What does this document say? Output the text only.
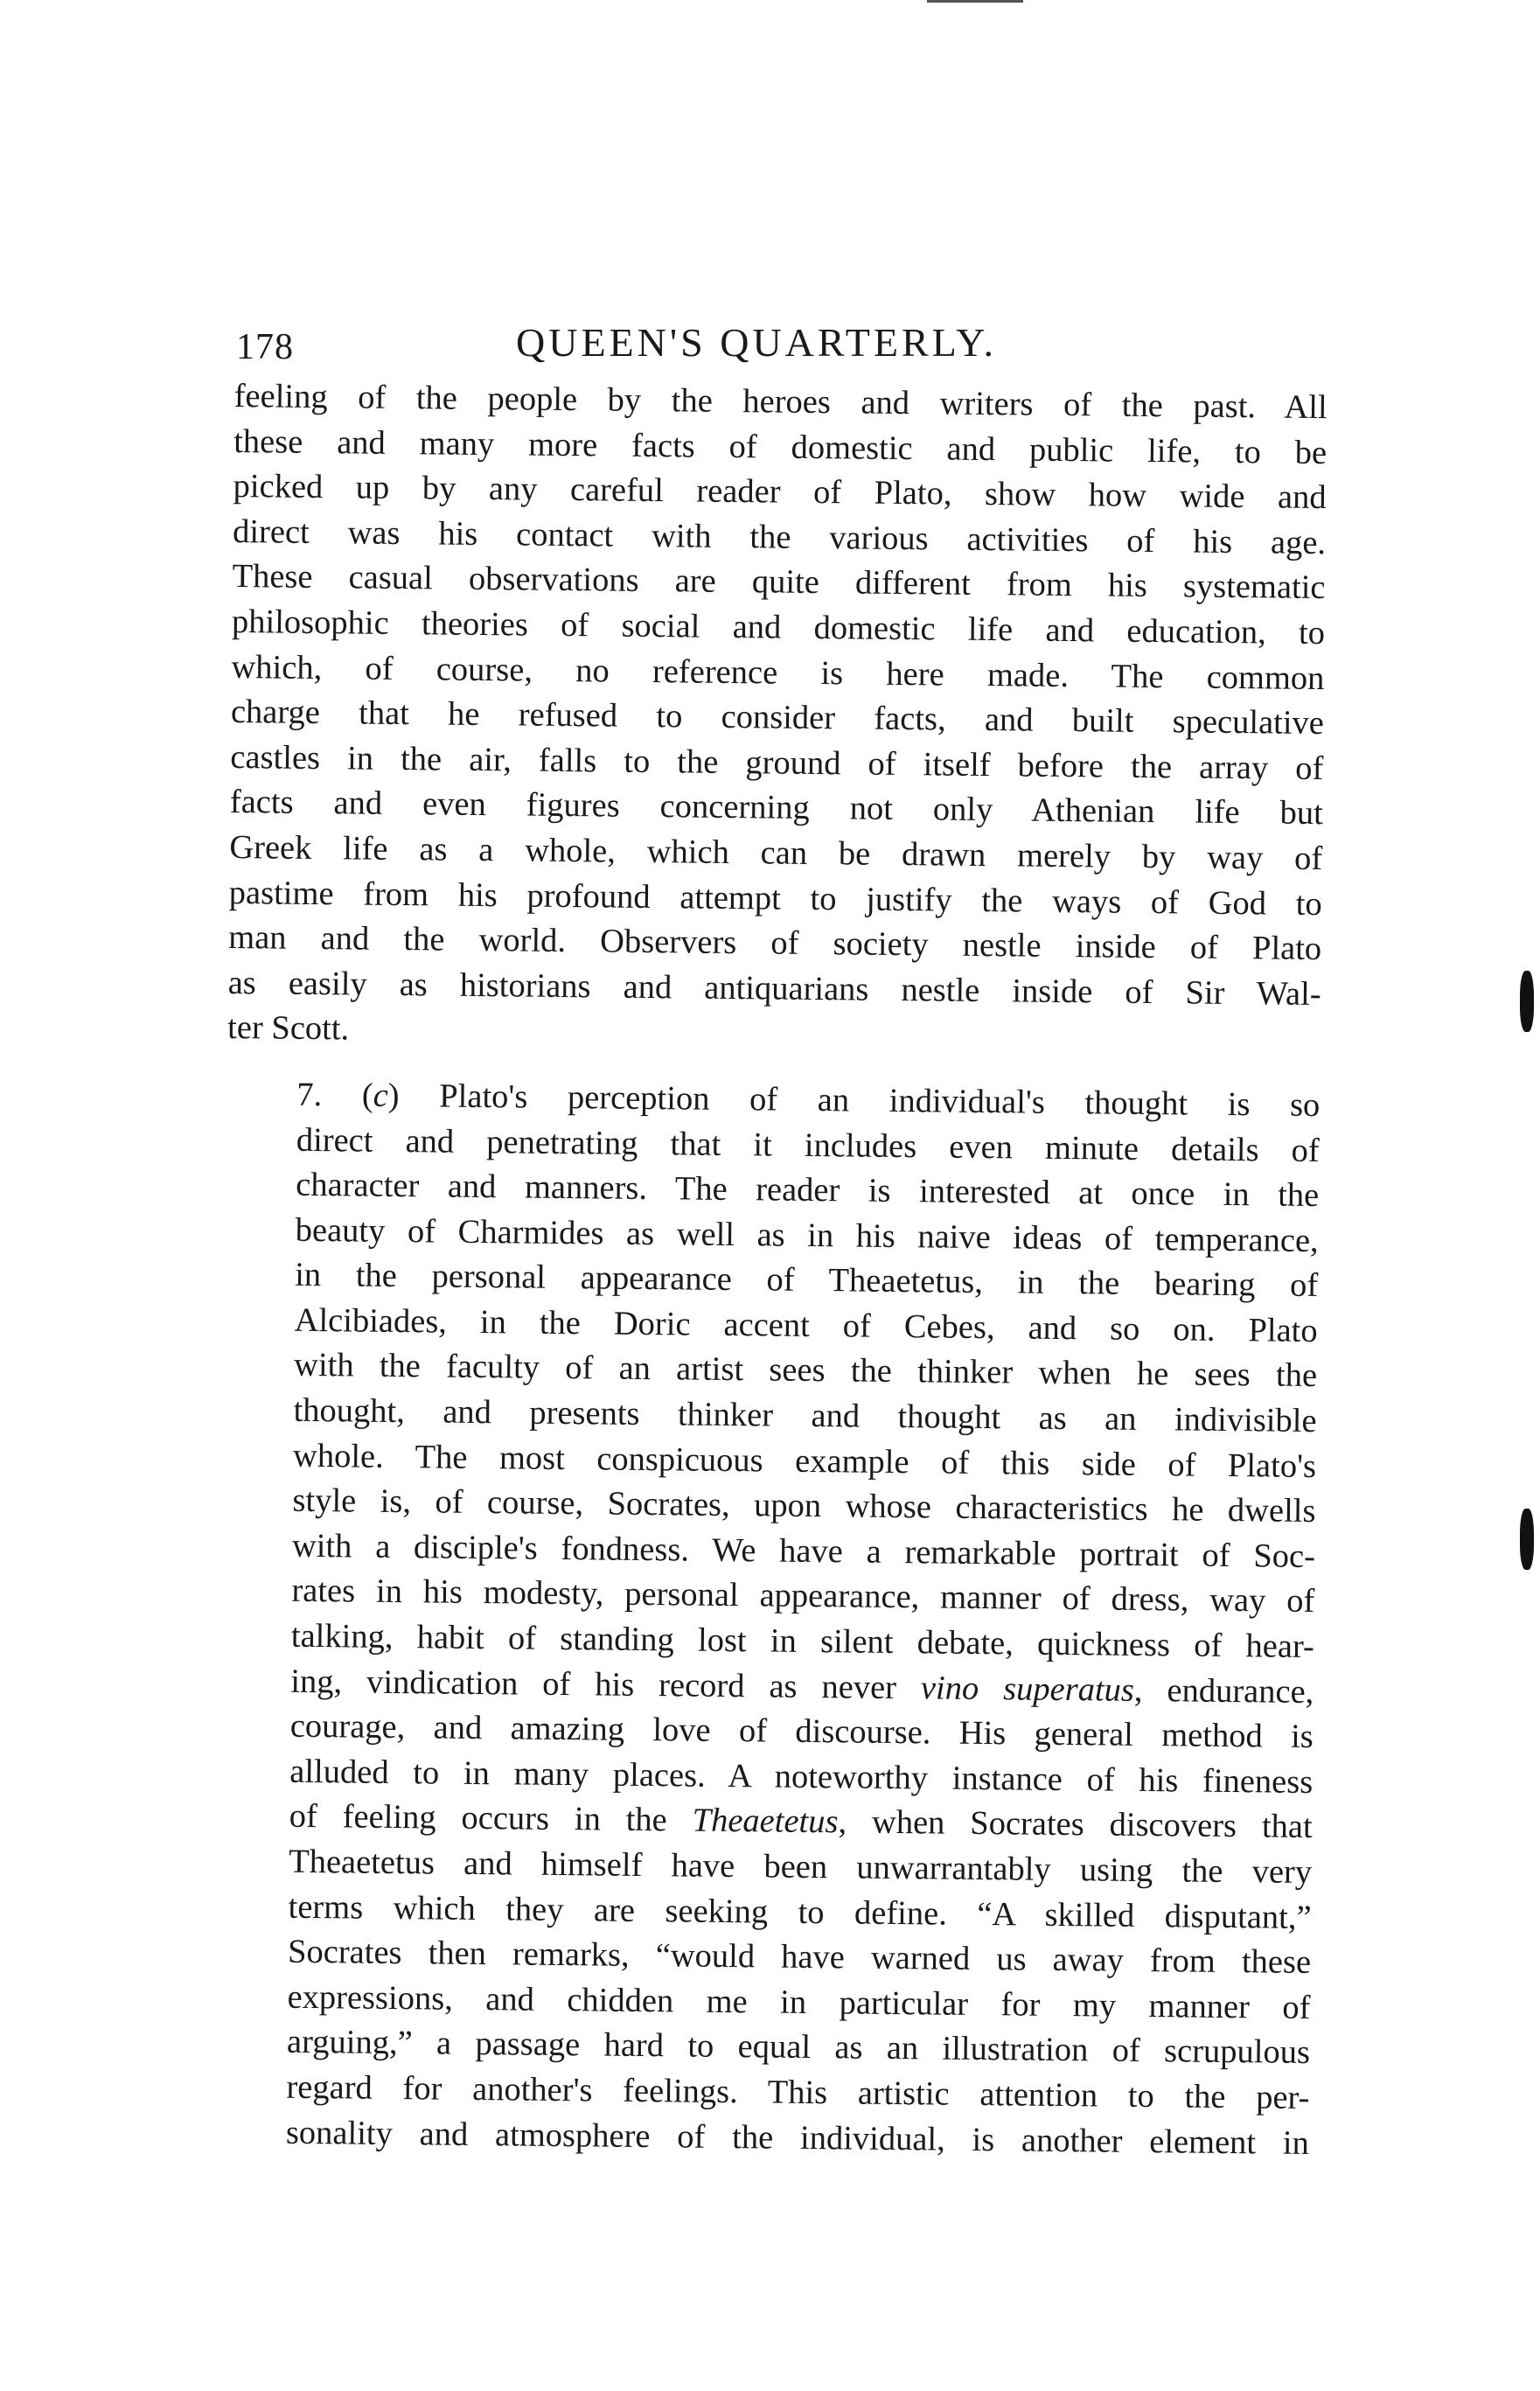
178	QUEEN'S QUARTERLY.

feeling of the people by the heroes and writers of the past. All
these and many more facts of domestic and public life, to be
picked up by any careful reader of Plato, show how wide and
direct was his contact with the various activities of his age.
These casual observations are quite different from his systematic
philosophic theories of social and domestic life and education, to
which, of course, no reference is here made. The common
charge that he refused to consider facts, and built speculative
castles in the air, falls to the ground of itself before the array of
facts and even figures concerning not only Athenian life but
Greek life as a whole, which can be drawn merely by way of
pastime from his profound attempt to justify the ways of God to
man and the world. Observers of society nestle inside of Plato
as easily as historians and antiquarians nestle inside of Sir Wal-
ter Scott.

7. (c) Plato's perception of an individual's thought is so
direct and penetrating that it includes even minute details of
character and manners. The reader is interested at once in the
beauty of Charmides as well as in his naive ideas of temperance,
in the personal appearance of Theaetetus, in the bearing of
Alcibiades, in the Doric accent of Cebes, and so on. Plato
with the faculty of an artist sees the thinker when he sees the
thought, and presents thinker and thought as an indivisible
whole. The most conspicuous example of this side of Plato's
style is, of course, Socrates, upon whose characteristics he dwells
with a disciple's fondness. We have a remarkable portrait of Soc-
rates in his modesty, personal appearance, manner of dress, way of
talking, habit of standing lost in silent debate, quickness of hear-
ing, vindication of his record as never vino superatus, endurance,
courage, and amazing love of discourse. His general method is
alluded to in many places. A noteworthy instance of his fineness
of feeling occurs in the Theaetetus, when Socrates discovers that
Theaetetus and himself have been unwarrantably using the very
terms which they are seeking to define. “A skilled disputant,”
Socrates then remarks, “would have warned us away from these
expressions, and chidden me in particular for my manner of
arguing,” a passage hard to equal as an illustration of scrupulous
regard for another's feelings. This artistic attention to the per-
sonality and atmosphere of the individual, is another element in
